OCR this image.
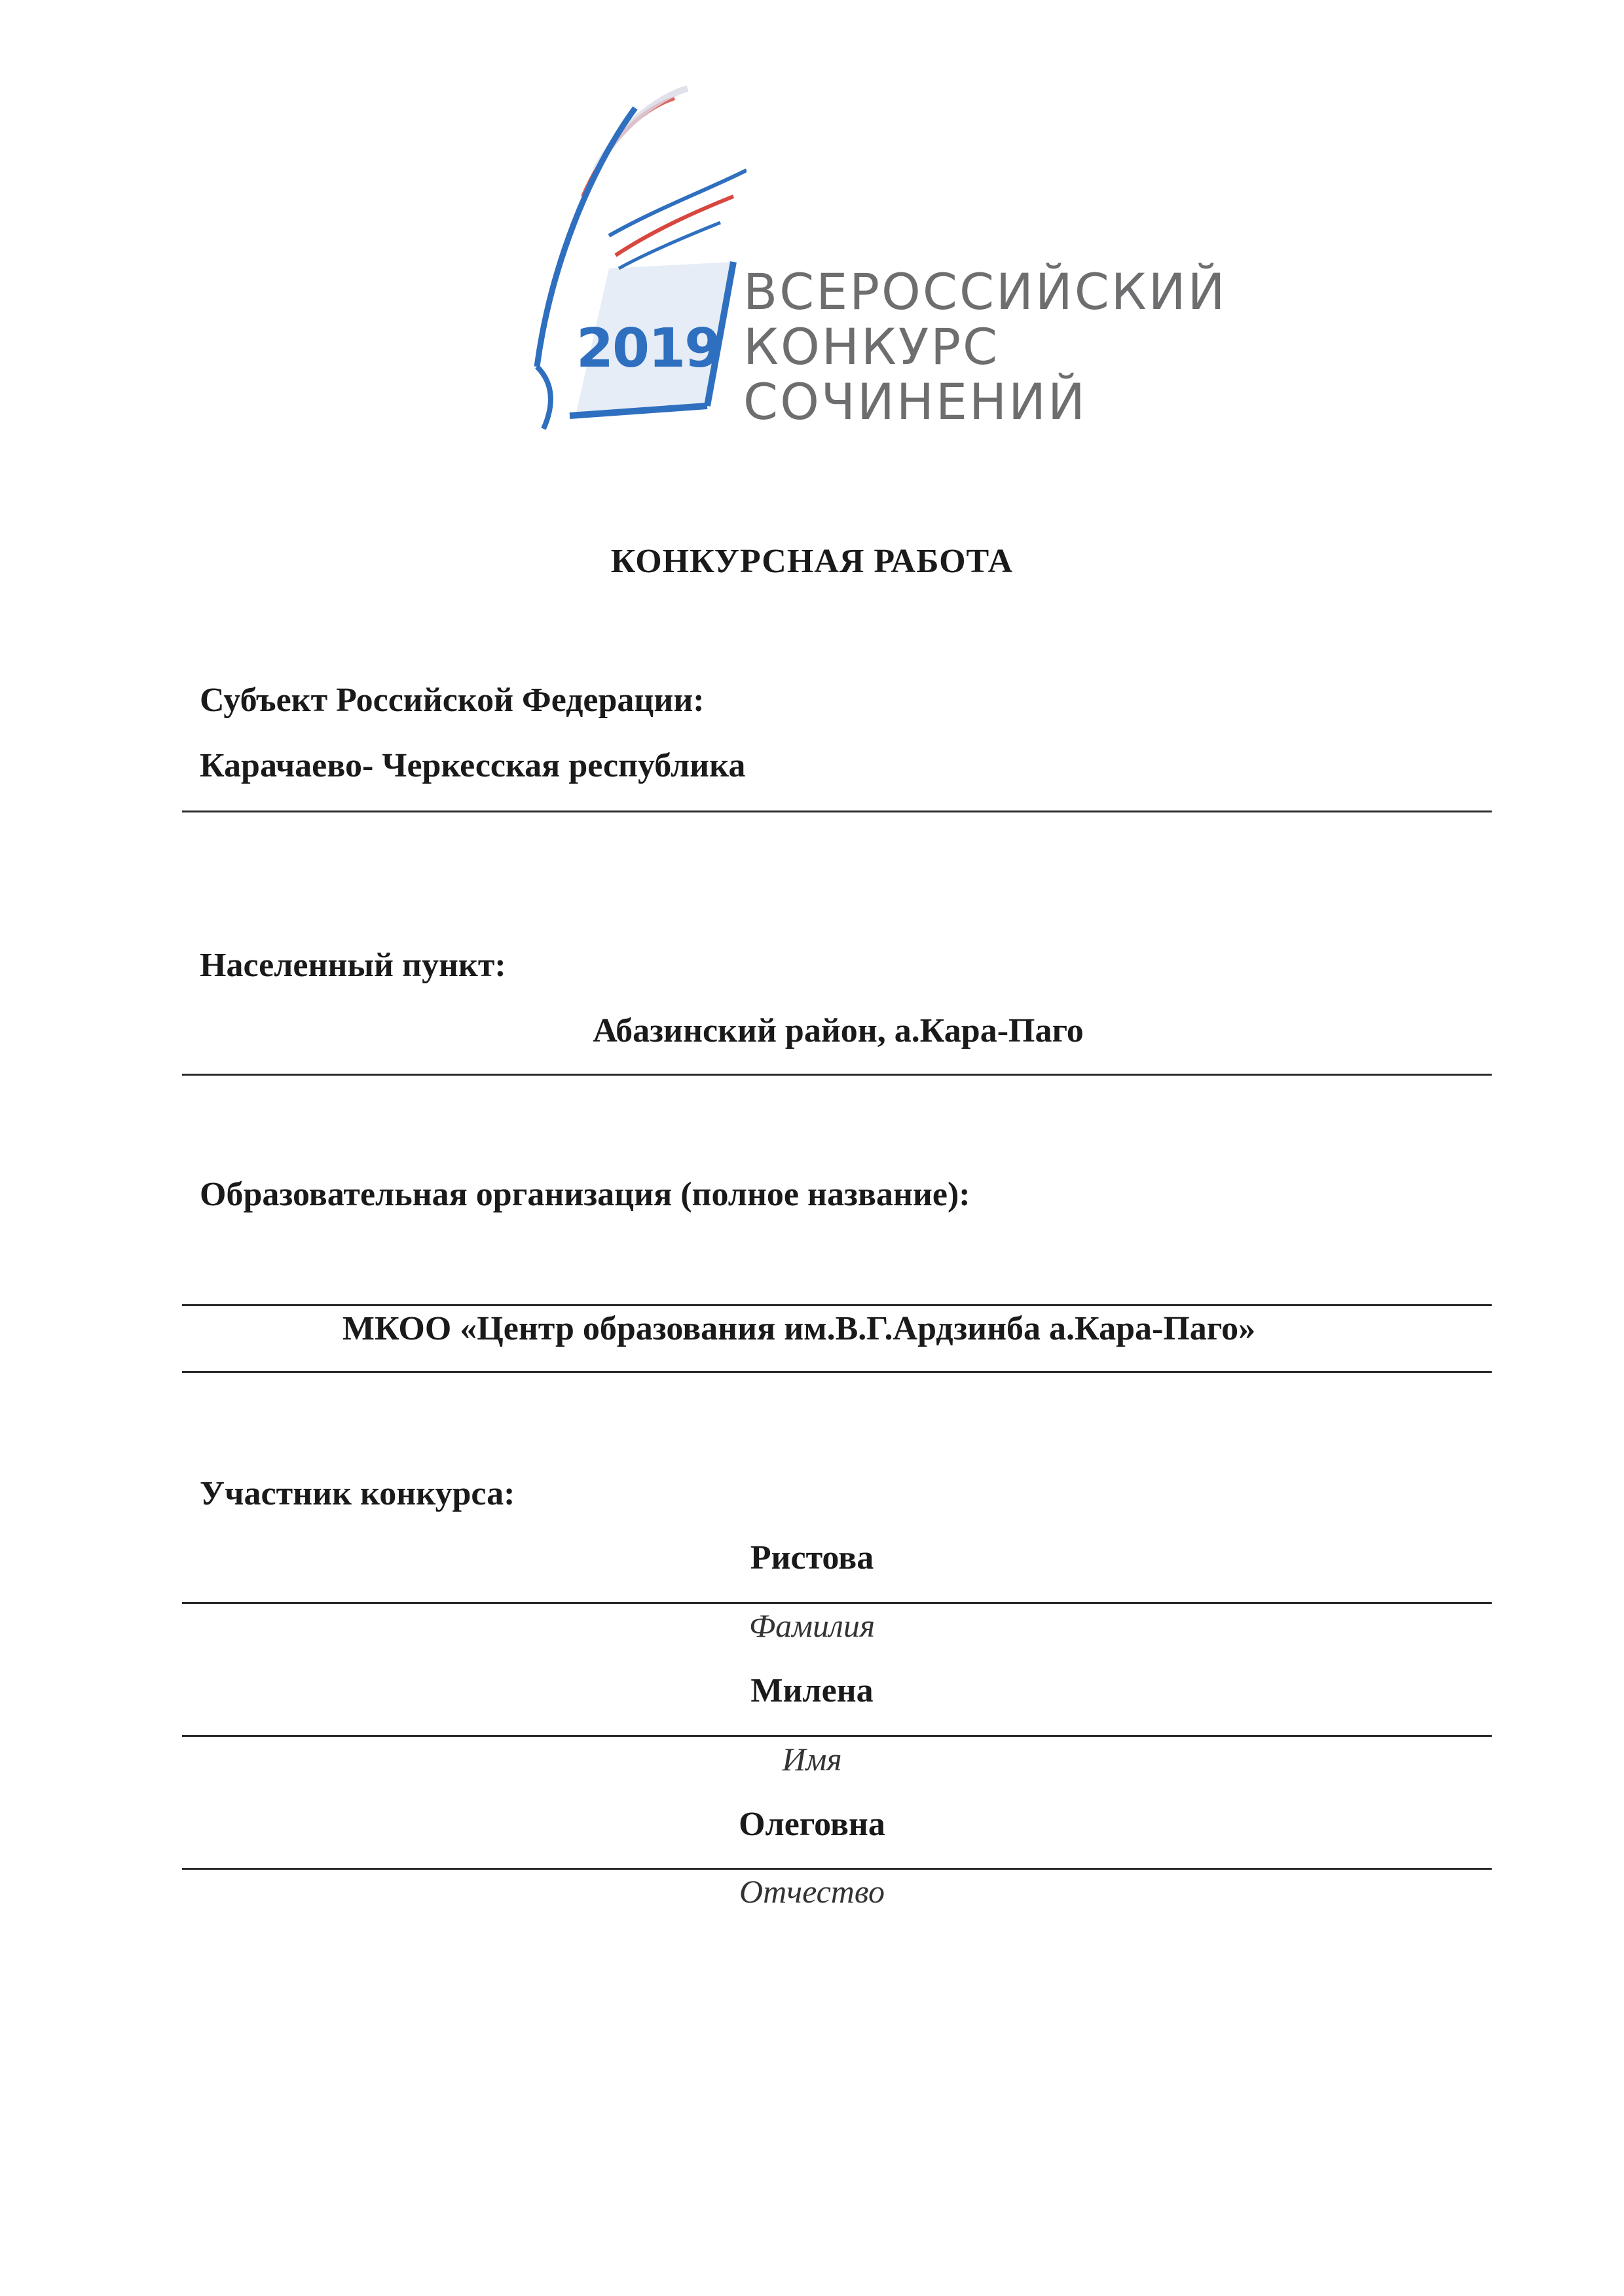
2019
ВСЕРОССИЙСКИЙ
КОНКУРС
СОЧИНЕНИЙ
КОНКУРСНАЯ РАБОТА
Субъект Российской Федерации:
Карачаево- Черкесская республика
Населенный пункт:
Абазинский район, а.Кара-Паго
Образовательная организация (полное название):
МКОО «Центр образования им.В.Г.Ардзинба а.Кара-Паго»
Участник конкурса:
Ристова
Фамилия
Милена
Имя
Олеговна
Отчество
